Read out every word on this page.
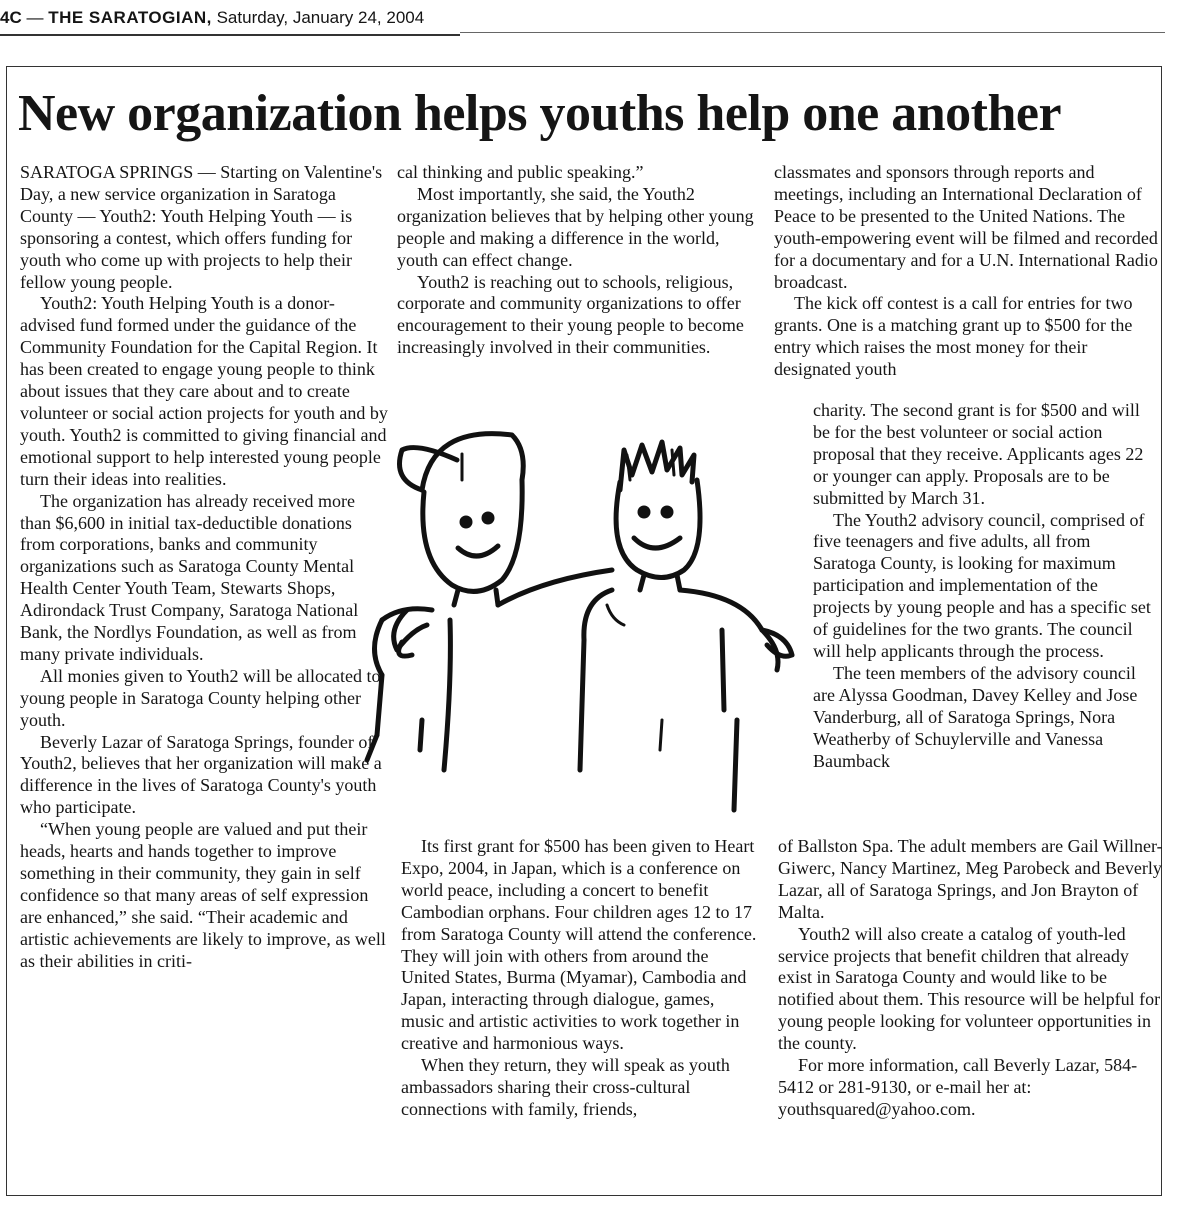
4C — THE SARATOGIAN, Saturday, January 24, 2004
New organization helps youths help one another

SARATOGA SPRINGS — Starting on Valentine's Day, a new service organization in Saratoga County — Youth2: Youth Helping Youth — is sponsoring a contest, which offers funding for youth who come up with projects to help their fellow young people.

Youth2: Youth Helping Youth is a donor-advised fund formed under the guidance of the Community Foundation for the Capital Region. It has been created to engage young people to think about issues that they care about and to create volunteer or social action projects for youth and by youth. Youth2 is committed to giving financial and emotional support to help interested young people turn their ideas into realities.

The organization has already received more than $6,600 in initial tax-deductible donations from corporations, banks and community organizations such as Saratoga County Mental Health Center Youth Team, Stewarts Shops, Adirondack Trust Company, Saratoga National Bank, the Nordlys Foundation, as well as from many private individuals.

All monies given to Youth2 will be allocated to young people in Saratoga County helping other youth.

Beverly Lazar of Saratoga Springs, founder of Youth2, believes that her organization will make a difference in the lives of Saratoga County's youth who participate.

“When young people are valued and put their heads, hearts and hands together to improve something in their community, they gain in self confidence so that many areas of self expression are enhanced,” she said. “Their academic and artistic achievements are likely to improve, as well as their abilities in criti-

cal thinking and public speaking.”

Most importantly, she said, the Youth2 organization believes that by helping other young people and making a difference in the world, youth can effect change.

Youth2 is reaching out to schools, religious, corporate and community organizations to offer encouragement to their young people to become increasingly involved in their communities.

Its first grant for $500 has been given to Heart Expo, 2004, in Japan, which is a conference on world peace, including a concert to benefit Cambodian orphans. Four children ages 12 to 17 from Saratoga County will attend the conference. They will join with others from around the United States, Burma (Myamar), Cambodia and Japan, interacting through dialogue, games, music and artistic activities to work together in creative and harmonious ways.

When they return, they will speak as youth ambassadors sharing their cross-cultural connections with family, friends,

classmates and sponsors through reports and meetings, including an International Declaration of Peace to be presented to the United Nations. The youth-empowering event will be filmed and recorded for a documentary and for a U.N. International Radio broadcast.

The kick off contest is a call for entries for two grants. One is a matching grant up to $500 for the entry which raises the most money for their designated youth

charity. The second grant is for $500 and will be for the best volunteer or social action proposal that they receive. Applicants ages 22 or younger can apply. Proposals are to be submitted by March 31.

The Youth2 advisory council, comprised of five teenagers and five adults, all from Saratoga County, is looking for maximum participation and implementation of the projects by young people and has a specific set of guidelines for the two grants. The council will help applicants through the process.

The teen members of the advisory council are Alyssa Goodman, Davey Kelley and Jose Vanderburg, all of Saratoga Springs, Nora Weatherby of Schuylerville and Vanessa Baumback

of Ballston Spa. The adult members are Gail Willner-Giwerc, Nancy Martinez, Meg Parobeck and Beverly Lazar, all of Saratoga Springs, and Jon Brayton of Malta.

Youth2 will also create a catalog of youth-led service projects that benefit children that already exist in Saratoga County and would like to be notified about them. This resource will be helpful for young people looking for volunteer opportunities in the county.

For more information, call Beverly Lazar, 584-5412 or 281-9130, or e-mail her at: youthsquared@yahoo.com.
